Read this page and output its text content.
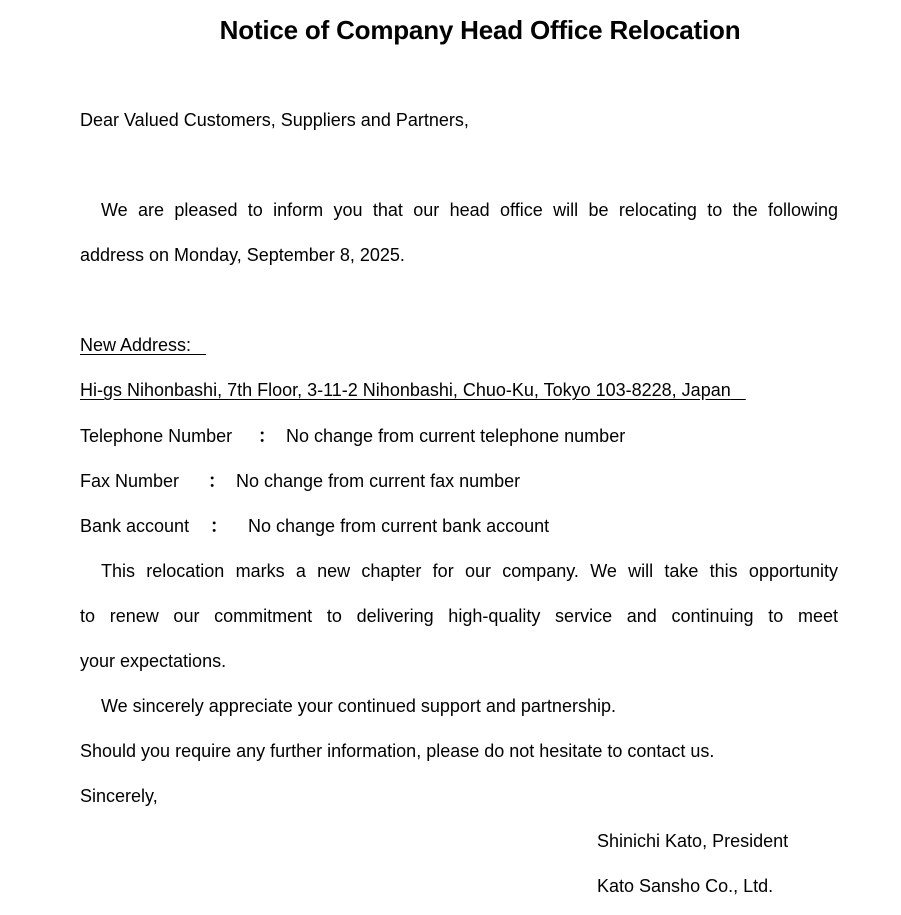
Notice of Company Head Office Relocation
Dear Valued Customers, Suppliers and Partners,
We are pleased to inform you that our head office will be relocating to the following
address on Monday, September 8, 2025.
New Address:
Hi-gs Nihonbashi, 7th Floor, 3-11-2 Nihonbashi, Chuo-Ku, Tokyo 103-8228, Japan
Telephone Number ： No change from current telephone number
Fax Number ： No change from current fax number
Bank account ： No change from current bank account
This relocation marks a new chapter for our company. We will take this opportunity
to renew our commitment to delivering high-quality service and continuing to meet
your expectations.
We sincerely appreciate your continued support and partnership.
Should you require any further information, please do not hesitate to contact us.
Sincerely,
Shinichi Kato, President
Kato Sansho Co., Ltd.
